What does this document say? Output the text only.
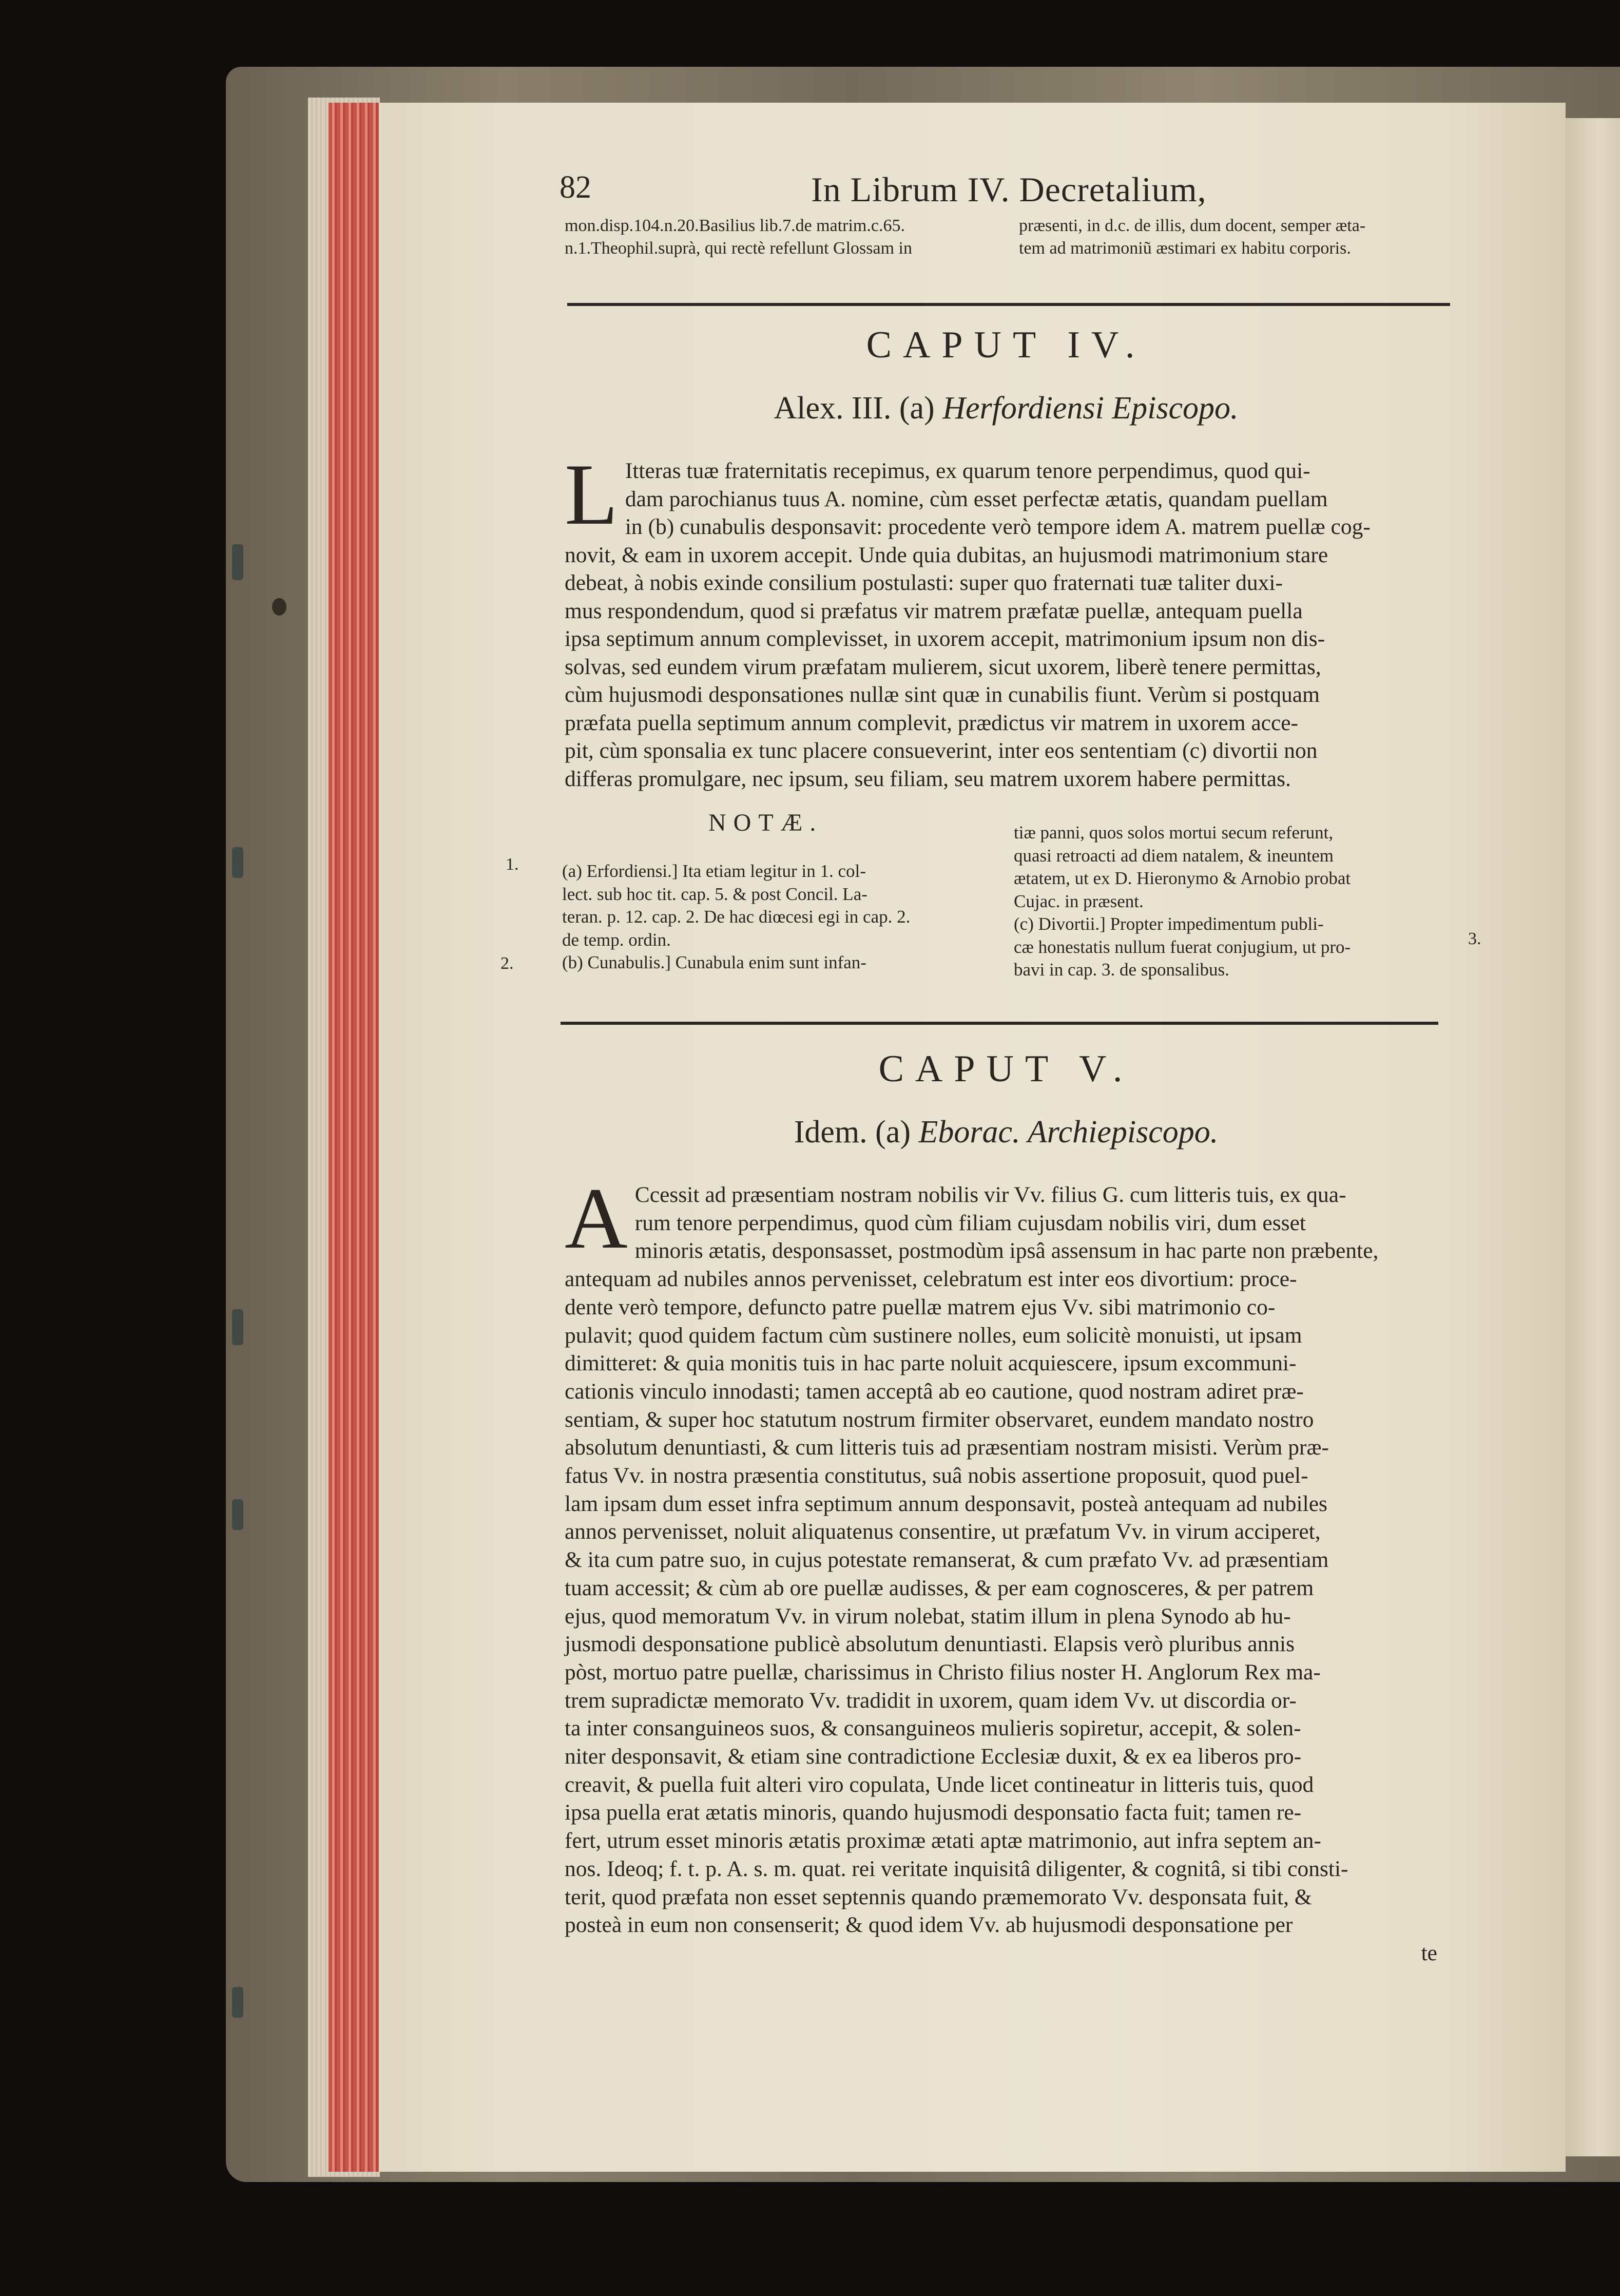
82	In Librum IV. Decretalium,
mon.disp.104.n.20.Basilius lib.7.de matrim.c.65.
n.1.Theophil.suprà, qui rectè refellunt Glossam in
præsenti, in d.c. de illis, dum docent, semper æta-
tem ad matrimoniũ æstimari ex habitu corporis.
CAPUT IV.
Alex. III. (a) Herfordiensi Episcopo.
L Itteras tuæ fraternitatis recepimus, ex quarum tenore perpendimus, quod qui-
dam parochianus tuus A. nomine, cùm esset perfectæ ætatis, quandam puellam
in (b) cunabulis desponsavit: procedente verò tempore idem A. matrem puellæ cog-
novit, & eam in uxorem accepit. Unde quia dubitas, an hujusmodi matrimonium stare
debeat, à nobis exinde consilium postulasti: super quo fraternati tuæ taliter duxi-
mus respondendum, quod si præfatus vir matrem præfatæ puellæ, antequam puella
ipsa septimum annum complevisset, in uxorem accepit, matrimonium ipsum non dis-
solvas, sed eundem virum præfatam mulierem, sicut uxorem, liberè tenere permittas,
cùm hujusmodi desponsationes nullæ sint quæ in cunabilis fiunt. Verùm si postquam
præfata puella septimum annum complevit, prædictus vir matrem in uxorem acce-
pit, cùm sponsalia ex tunc placere consueverint, inter eos sententiam (c) divortii non
differas promulgare, nec ipsum, seu filiam, seu matrem uxorem habere permittas.
NOTÆ.
(a) Erfordiensi.] Ita etiam legitur in 1. col-
lect. sub hoc tit. cap. 5. & post Concil. La-
teran. p. 12. cap. 2. De hac diœcesi egi in cap. 2.
de temp. ordin.
(b) Cunabulis.] Cunabula enim sunt infan-
tiæ panni, quos solos mortui secum referunt,
quasi retroacti ad diem natalem, & ineuntem
ætatem, ut ex D. Hieronymo & Arnobio probat
Cujac. in præsent.
(c) Divortii.] Propter impedimentum publi-
cæ honestatis nullum fuerat conjugium, ut pro-
bavi in cap. 3. de sponsalibus.
1.
2.
3.
CAPUT V.
Idem. (a) Eborac. Archiepiscopo.
A Ccessit ad præsentiam nostram nobilis vir Vv. filius G. cum litteris tuis, ex qua-
rum tenore perpendimus, quod cùm filiam cujusdam nobilis viri, dum esset
minoris ætatis, desponsasset, postmodùm ipsâ assensum in hac parte non præbente,
antequam ad nubiles annos pervenisset, celebratum est inter eos divortium: proce-
dente verò tempore, defuncto patre puellæ matrem ejus Vv. sibi matrimonio co-
pulavit; quod quidem factum cùm sustinere nolles, eum solicitè monuisti, ut ipsam
dimitteret: & quia monitis tuis in hac parte noluit acquiescere, ipsum excommuni-
cationis vinculo innodasti; tamen acceptâ ab eo cautione, quod nostram adiret præ-
sentiam, & super hoc statutum nostrum firmiter observaret, eundem mandato nostro
absolutum denuntiasti, & cum litteris tuis ad præsentiam nostram misisti. Verùm præ-
fatus Vv. in nostra præsentia constitutus, suâ nobis assertione proposuit, quod puel-
lam ipsam dum esset infra septimum annum desponsavit, posteà antequam ad nubiles
annos pervenisset, noluit aliquatenus consentire, ut præfatum Vv. in virum acciperet,
& ita cum patre suo, in cujus potestate remanserat, & cum præfato Vv. ad præsentiam
tuam accessit; & cùm ab ore puellæ audisses, & per eam cognosceres, & per patrem
ejus, quod memoratum Vv. in virum nolebat, statim illum in plena Synodo ab hu-
jusmodi desponsatione publicè absolutum denuntiasti. Elapsis verò pluribus annis
pòst, mortuo patre puellæ, charissimus in Christo filius noster H. Anglorum Rex ma-
trem supradictæ memorato Vv. tradidit in uxorem, quam idem Vv. ut discordia or-
ta inter consanguineos suos, & consanguineos mulieris sopiretur, accepit, & solen-
niter desponsavit, & etiam sine contradictione Ecclesiæ duxit, & ex ea liberos pro-
creavit, & puella fuit alteri viro copulata, Unde licet contineatur in litteris tuis, quod
ipsa puella erat ætatis minoris, quando hujusmodi desponsatio facta fuit; tamen re-
fert, utrum esset minoris ætatis proximæ ætati aptæ matrimonio, aut infra septem an-
nos. Ideoq; f. t. p. A. s. m. quat. rei veritate inquisitâ diligenter, & cognitâ, si tibi consti-
terit, quod præfata non esset septennis quando præmemorato Vv. desponsata fuit, &
posteà in eum non consenserit; & quod idem Vv. ab hujusmodi desponsatione per
te
